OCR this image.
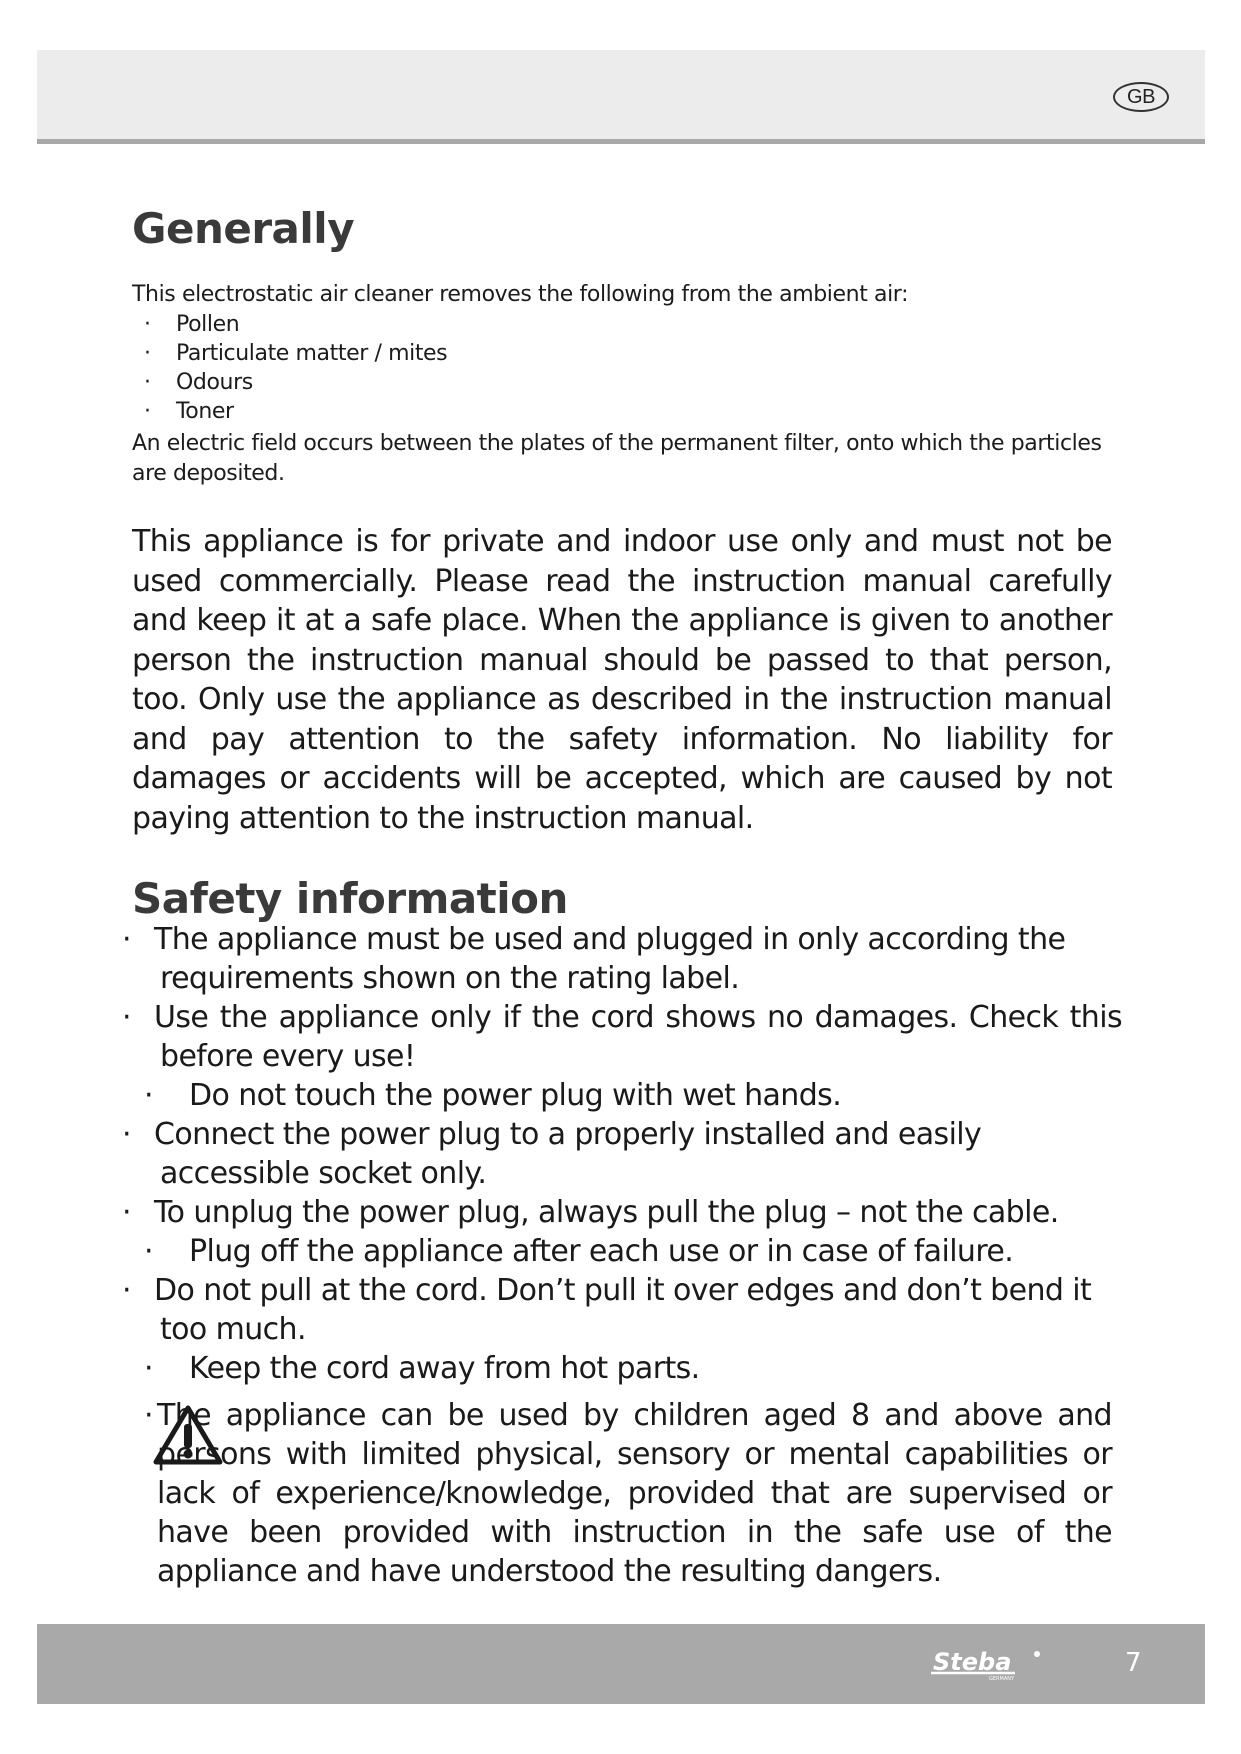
GB
Generally
This electrostatic air cleaner removes the following from the ambient air:
· Pollen
· Particulate matter / mites
· Odours
· Toner
An electric field occurs between the plates of the permanent filter, onto which the particles are deposited.
This appliance is for private and indoor use only and must not be used commercially. Please read the instruction manual carefully and keep it at a safe place. When the appliance is given to another person the instruction manual should be passed to that person, too. Only use the appliance as described in the instruction manual and pay attention to the safety information. No liability for damages or accidents will be accepted, which are caused by not paying attention to the instruction manual.
Safety information
· The appliance must be used and plugged in only according the requirements shown on the rating label.
· Use the appliance only if the cord shows no damages. Check this before every use!
· Do not touch the power plug with wet hands.
· Connect the power plug to a properly installed and easily accessible socket only.
· To unplug the power plug, always pull the plug – not the cable.
· Plug off the appliance after each use or in case of failure.
· Do not pull at the cord. Don’t pull it over edges and don’t bend it too much.
· Keep the cord away from hot parts.
· The appliance can be used by children aged 8 and above and persons with limited physical, sensory or mental capabilities or lack of experience/knowledge, provided that are supervised or have been provided with instruction in the safe use of the appliance and have understood the resulting dangers.
Steba
GERMANY
7
